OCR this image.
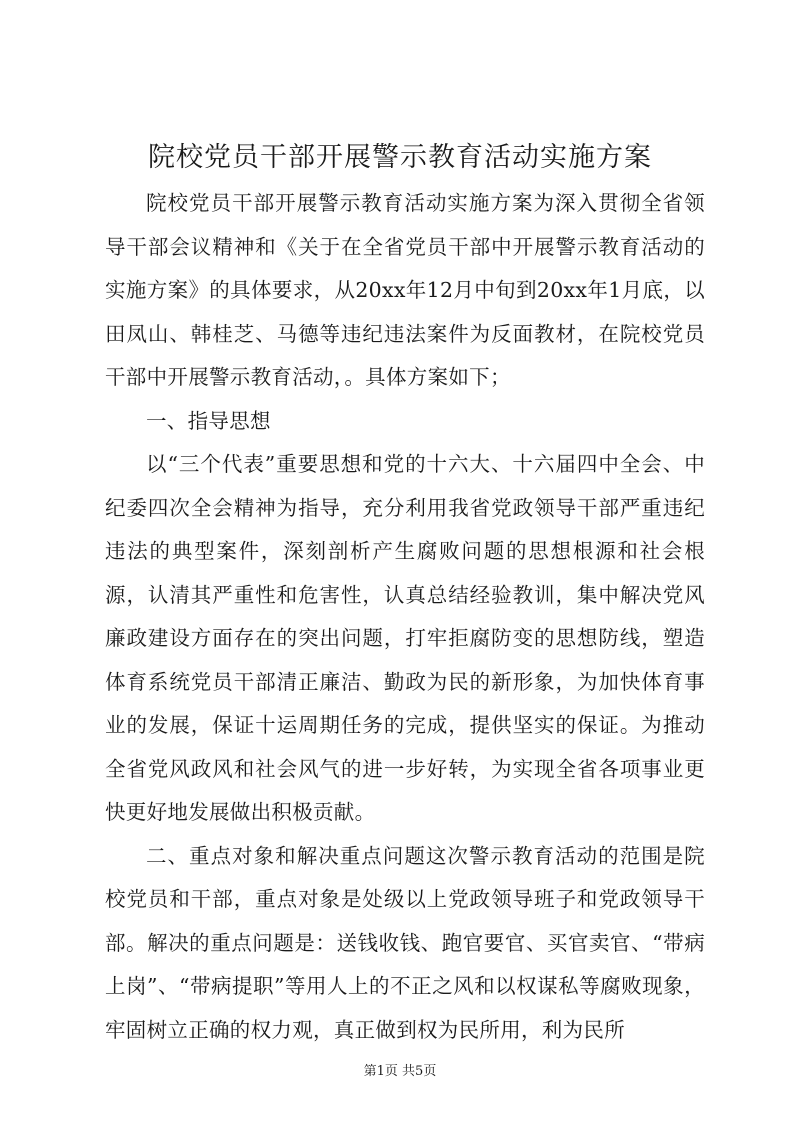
院校党员干部开展警示教育活动实施方案

院校党员干部开展警示教育活动实施方案为深入贯彻全省领导干部会议精神和《关于在全省党员干部中开展警示教育活动的实施方案》的具体要求，从20xx年12月中旬到20xx年1月底，以田凤山、韩桂芝、马德等违纪违法案件为反面教材，在院校党员干部中开展警示教育活动，。具体方案如下；

一、指导思想

以“三个代表”重要思想和党的十六大、十六届四中全会、中纪委四次全会精神为指导，充分利用我省党政领导干部严重违纪违法的典型案件，深刻剖析产生腐败问题的思想根源和社会根源，认清其严重性和危害性，认真总结经验教训，集中解决党风廉政建设方面存在的突出问题，打牢拒腐防变的思想防线，塑造体育系统党员干部清正廉洁、勤政为民的新形象，为加快体育事业的发展，保证十运周期任务的完成，提供坚实的保证。为推动全省党风政风和社会风气的进一步好转，为实现全省各项事业更快更好地发展做出积极贡献。

二、重点对象和解决重点问题这次警示教育活动的范围是院校党员和干部，重点对象是处级以上党政领导班子和党政领导干部。解决的重点问题是：送钱收钱、跑官要官、买官卖官、“带病上岗”、“带病提职”等用人上的不正之风和以权谋私等腐败现象，牢固树立正确的权力观，真正做到权为民所用，利为民所

第1页 共5页
